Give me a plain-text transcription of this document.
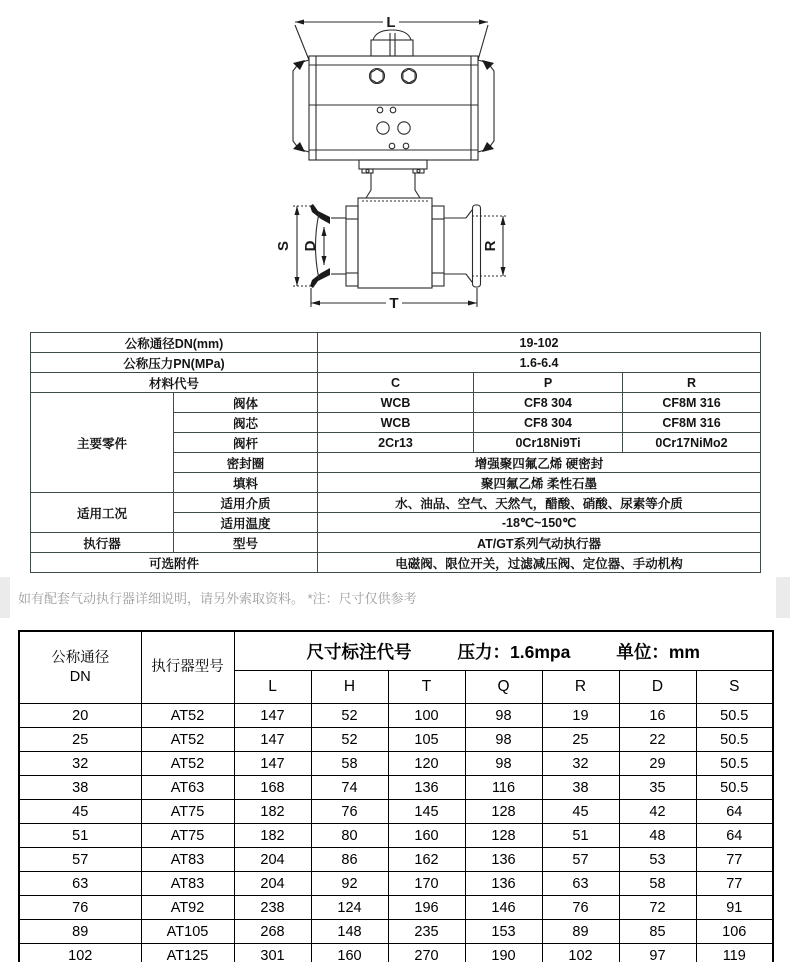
L
S D	R
T
公称通径DN(mm)		19-102		
公称压力PN(MPa)		1.6-6.4		
材料代号		C	P	R
主要零件	阀体	WCB	CF8 304	CF8M 316
	阀芯	WCB	CF8 304	CF8M 316
	阀杆	2Cr13	0Cr18Ni9Ti	0Cr17NiMo2
	密封圈	增强聚四氟乙烯 硬密封		
	填料	聚四氟乙烯 柔性石墨		
适用工况	适用介质	水、油品、空气、天然气，醋酸、硝酸、尿素等介质		
	适用温度	-18℃~150℃		
执行器	型号	AT/GT系列气动执行器		
可选附件		电磁阀、限位开关，过滤减压阀、定位器、手动机构		
如有配套气动执行器详细说明，请另外索取资料。 *注：尺寸仅供参考
公称通径
DN
	执行器型号	
尺寸标注代号	压力：1.6mpa	单位：mm

		L	H	T	Q	R	D	S
20	AT52	147	52	100	98	19	16	50.5
25	AT52	147	52	105	98	25	22	50.5
32	AT52	147	58	120	98	32	29	50.5
38	AT63	168	74	136	116	38	35	50.5
45	AT75	182	76	145	128	45	42	64
51	AT75	182	80	160	128	51	48	64
57	AT83	204	86	162	136	57	53	77
63	AT83	204	92	170	136	63	58	77
76	AT92	238	124	196	146	76	72	91
89	AT105	268	148	235	153	89	85	106
102	AT125	301	160	270	190	102	97	119
